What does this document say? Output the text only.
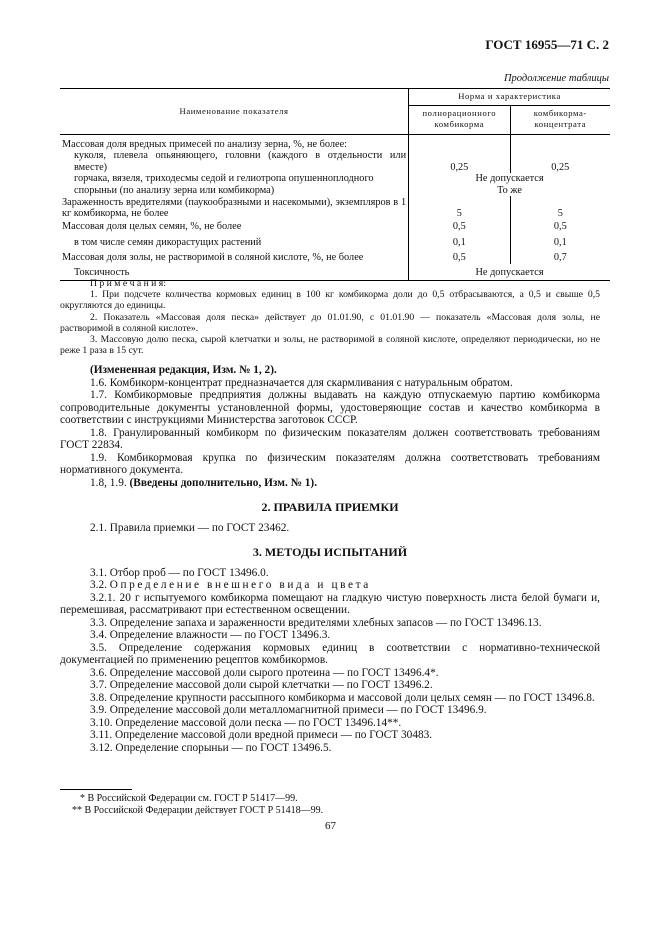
ГОСТ 16955—71 С. 2
Продолжение таблицы
Наименование показателя	Норма и характеристика	
	полнорационного комбикорма	комбикорма-концентрата
Массовая доля вредных примесей по анализу зерна, %, не более:		
куколя, плевела опьяняющего, головни (каждого в отдельности или вместе)	0,25	0,25
горчака, вязеля, триходесмы седой и гелиотропа опушенноплодного	Не допускается	
спорыньи (по анализу зерна или комбикорма)	То же	
Зараженность вредителями (паукообразными и насекомыми), экземпляров в 1 кг комбикорма, не более	5	5
Массовая доля целых семян, %, не более	0,5	0,5
в том числе семян дикорастущих растений	0,1	0,1
Массовая доля золы, не растворимой в соляной кислоте, %, не более	0,5	0,7
Токсичность	Не допускается	

П р и м е ч а н и я:

1. При подсчете количества кормовых единиц в 100 кг комбикорма доли до 0,5 отбрасываются, а 0,5 и свыше 0,5 округляются до единицы.

2. Показатель «Массовая доля песка» действует до 01.01.90, с 01.01.90 — показатель «Массовая доля золы, не растворимой в соляной кислоте».

3. Массовую долю песка, сырой клетчатки и золы, не растворимой в соляной кислоте, определяют периодически, но не реже 1 раза в 15 сут.

(Измененная редакция, Изм. № 1, 2).

1.6. Комбикорм-концентрат предназначается для скармливания с натуральным обратом.

1.7. Комбикормовые предприятия должны выдавать на каждую отпускаемую партию комбикорма сопроводительные документы установленной формы, удостоверяющие состав и качество комбикорма в соответствии с инструкциями Министерства заготовок СССР.

1.8. Гранулированный комбикорм по физическим показателям должен соответствовать требованиям ГОСТ 22834.

1.9. Комбикормовая крупка по физическим показателям должна соответствовать требованиям нормативного документа.

1.8, 1.9. (Введены дополнительно, Изм. № 1).

2. ПРАВИЛА ПРИЕМКИ

2.1. Правила приемки — по ГОСТ 23462.

3. МЕТОДЫ ИСПЫТАНИЙ

3.1. Отбор проб — по ГОСТ 13496.0.

3.2. Определение внешнего вида и цвета

3.2.1. 20 г испытуемого комбикорма помещают на гладкую чистую поверхность листа белой бумаги и, перемешивая, рассматривают при естественном освещении.

3.3. Определение запаха и зараженности вредителями хлебных запасов — по ГОСТ 13496.13.

3.4. Определение влажности — по ГОСТ 13496.3.

3.5. Определение содержания кормовых единиц в соответствии с нормативно-технической документацией по применению рецептов комбикормов.

3.6. Определение массовой доли сырого протеина — по ГОСТ 13496.4*.

3.7. Определение массовой доли сырой клетчатки — по ГОСТ 13496.2.

3.8. Определение крупности рассыпного комбикорма и массовой доли целых семян — по ГОСТ 13496.8.

3.9. Определение массовой доли металломагнитной примеси — по ГОСТ 13496.9.

3.10. Определение массовой доли песка — по ГОСТ 13496.14**.

3.11. Определение массовой доли вредной примеси — по ГОСТ 30483.

3.12. Определение спорыньи — по ГОСТ 13496.5.

* В Российской Федерации см. ГОСТ Р 51417—99.
** В Российской Федерации действует ГОСТ Р 51418—99.
67
